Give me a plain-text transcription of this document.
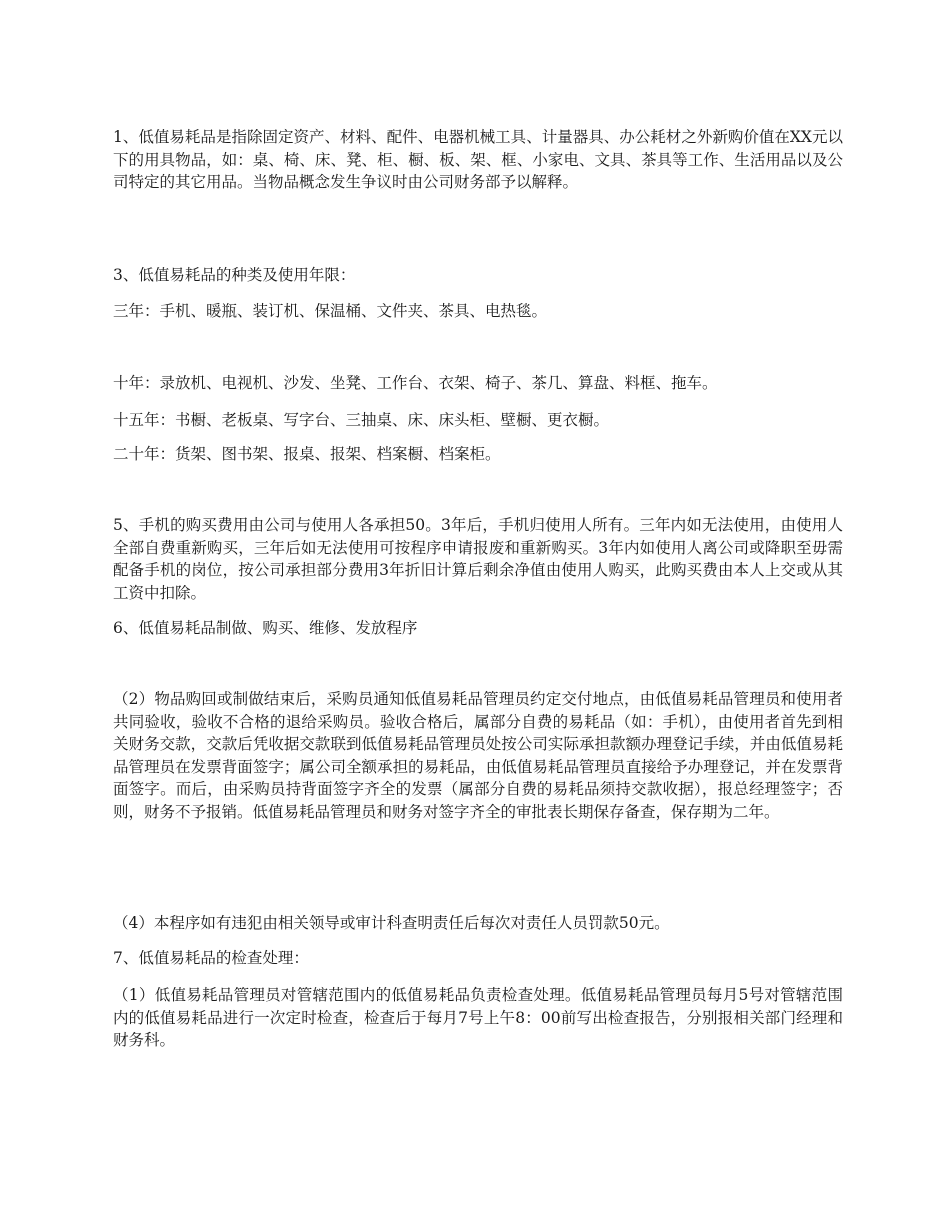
1、低值易耗品是指除固定资产、材料、配件、电器机械工具、计量器具、办公耗材之外新购价值在XX元以下的用具物品，如：桌、椅、床、凳、柜、橱、板、架、框、小家电、文具、茶具等工作、生活用品以及公司特定的其它用品。当物品概念发生争议时由公司财务部予以解释。

3、低值易耗品的种类及使用年限：

三年：手机、暖瓶、装订机、保温桶、文件夹、茶具、电热毯。

十年：录放机、电视机、沙发、坐凳、工作台、衣架、椅子、茶几、算盘、料框、拖车。

十五年：书橱、老板桌、写字台、三抽桌、床、床头柜、壁橱、更衣橱。

二十年：货架、图书架、报桌、报架、档案橱、档案柜。

5、手机的购买费用由公司与使用人各承担50。3年后，手机归使用人所有。三年内如无法使用，由使用人全部自费重新购买，三年后如无法使用可按程序申请报废和重新购买。3年内如使用人离公司或降职至毋需配备手机的岗位，按公司承担部分费用3年折旧计算后剩余净值由使用人购买，此购买费由本人上交或从其工资中扣除。

6、低值易耗品制做、购买、维修、发放程序

（2）物品购回或制做结束后，采购员通知低值易耗品管理员约定交付地点，由低值易耗品管理员和使用者共同验收，验收不合格的退给采购员。验收合格后，属部分自费的易耗品（如：手机），由使用者首先到相关财务交款，交款后凭收据交款联到低值易耗品管理员处按公司实际承担款额办理登记手续，并由低值易耗品管理员在发票背面签字；属公司全额承担的易耗品，由低值易耗品管理员直接给予办理登记，并在发票背面签字。而后，由采购员持背面签字齐全的发票（属部分自费的易耗品须持交款收据），报总经理签字；否则，财务不予报销。低值易耗品管理员和财务对签字齐全的审批表长期保存备查，保存期为二年。

（4）本程序如有违犯由相关领导或审计科查明责任后每次对责任人员罚款50元。

7、低值易耗品的检查处理：

（1）低值易耗品管理员对管辖范围内的低值易耗品负责检查处理。低值易耗品管理员每月5号对管辖范围内的低值易耗品进行一次定时检查，检查后于每月7号上午8：00前写出检查报告，分别报相关部门经理和财务科。
